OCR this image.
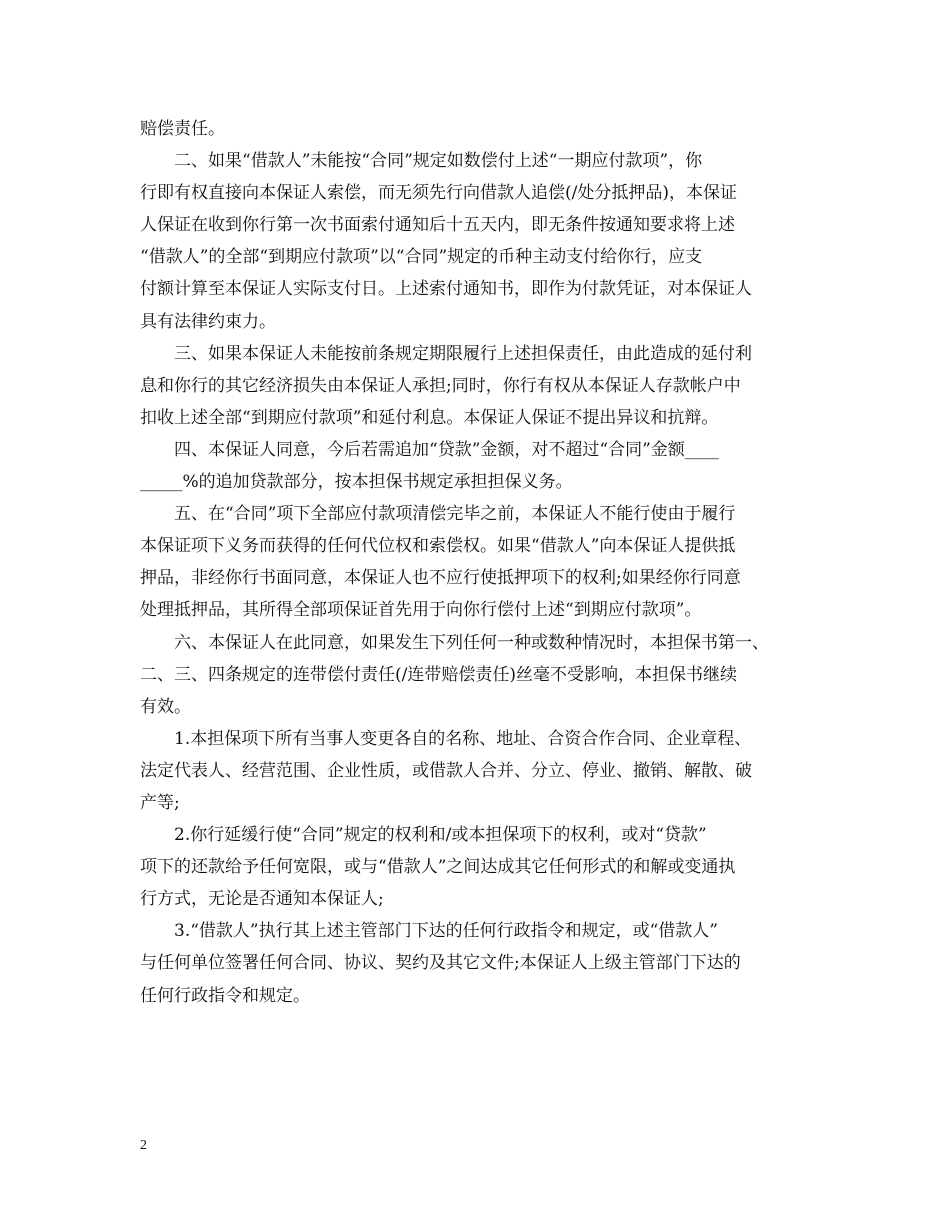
赔偿责任。
　　二、如果“借款人”未能按“合同”规定如数偿付上述“一期应付款项”，你
行即有权直接向本保证人索偿，而无须先行向借款人追偿(/处分抵押品)，本保证
人保证在收到你行第一次书面索付通知后十五天内，即无条件按通知要求将上述
“借款人”的全部“到期应付款项”以“合同”规定的币种主动支付给你行，应支
付额计算至本保证人实际支付日。上述索付通知书，即作为付款凭证，对本保证人
具有法律约束力。
　　三、如果本保证人未能按前条规定期限履行上述担保责任，由此造成的延付利
息和你行的其它经济损失由本保证人承担;同时，你行有权从本保证人存款帐户中
扣收上述全部“到期应付款项”和延付利息。本保证人保证不提出异议和抗辩。
　　四、本保证人同意，今后若需追加“贷款”金额，对不超过“合同”金额____
_____%的追加贷款部分，按本担保书规定承担担保义务。
　　五、在“合同”项下全部应付款项清偿完毕之前，本保证人不能行使由于履行
本保证项下义务而获得的任何代位权和索偿权。如果“借款人”向本保证人提供抵
押品，非经你行书面同意，本保证人也不应行使抵押项下的权利;如果经你行同意
处理抵押品，其所得全部项保证首先用于向你行偿付上述“到期应付款项”。
　　六、本保证人在此同意，如果发生下列任何一种或数种情况时，本担保书第一、
二、三、四条规定的连带偿付责任(/连带赔偿责任)丝毫不受影响，本担保书继续
有效。
　　1.本担保项下所有当事人变更各自的名称、地址、合资合作合同、企业章程、
法定代表人、经营范围、企业性质，或借款人合并、分立、停业、撤销、解散、破
产等;
　　2.你行延缓行使“合同”规定的权利和/或本担保项下的权利，或对“贷款”
项下的还款给予任何宽限，或与“借款人”之间达成其它任何形式的和解或变通执
行方式，无论是否通知本保证人;
　　3.“借款人”执行其上述主管部门下达的任何行政指令和规定，或“借款人”
与任何单位签署任何合同、协议、契约及其它文件;本保证人上级主管部门下达的
任何行政指令和规定。
2
